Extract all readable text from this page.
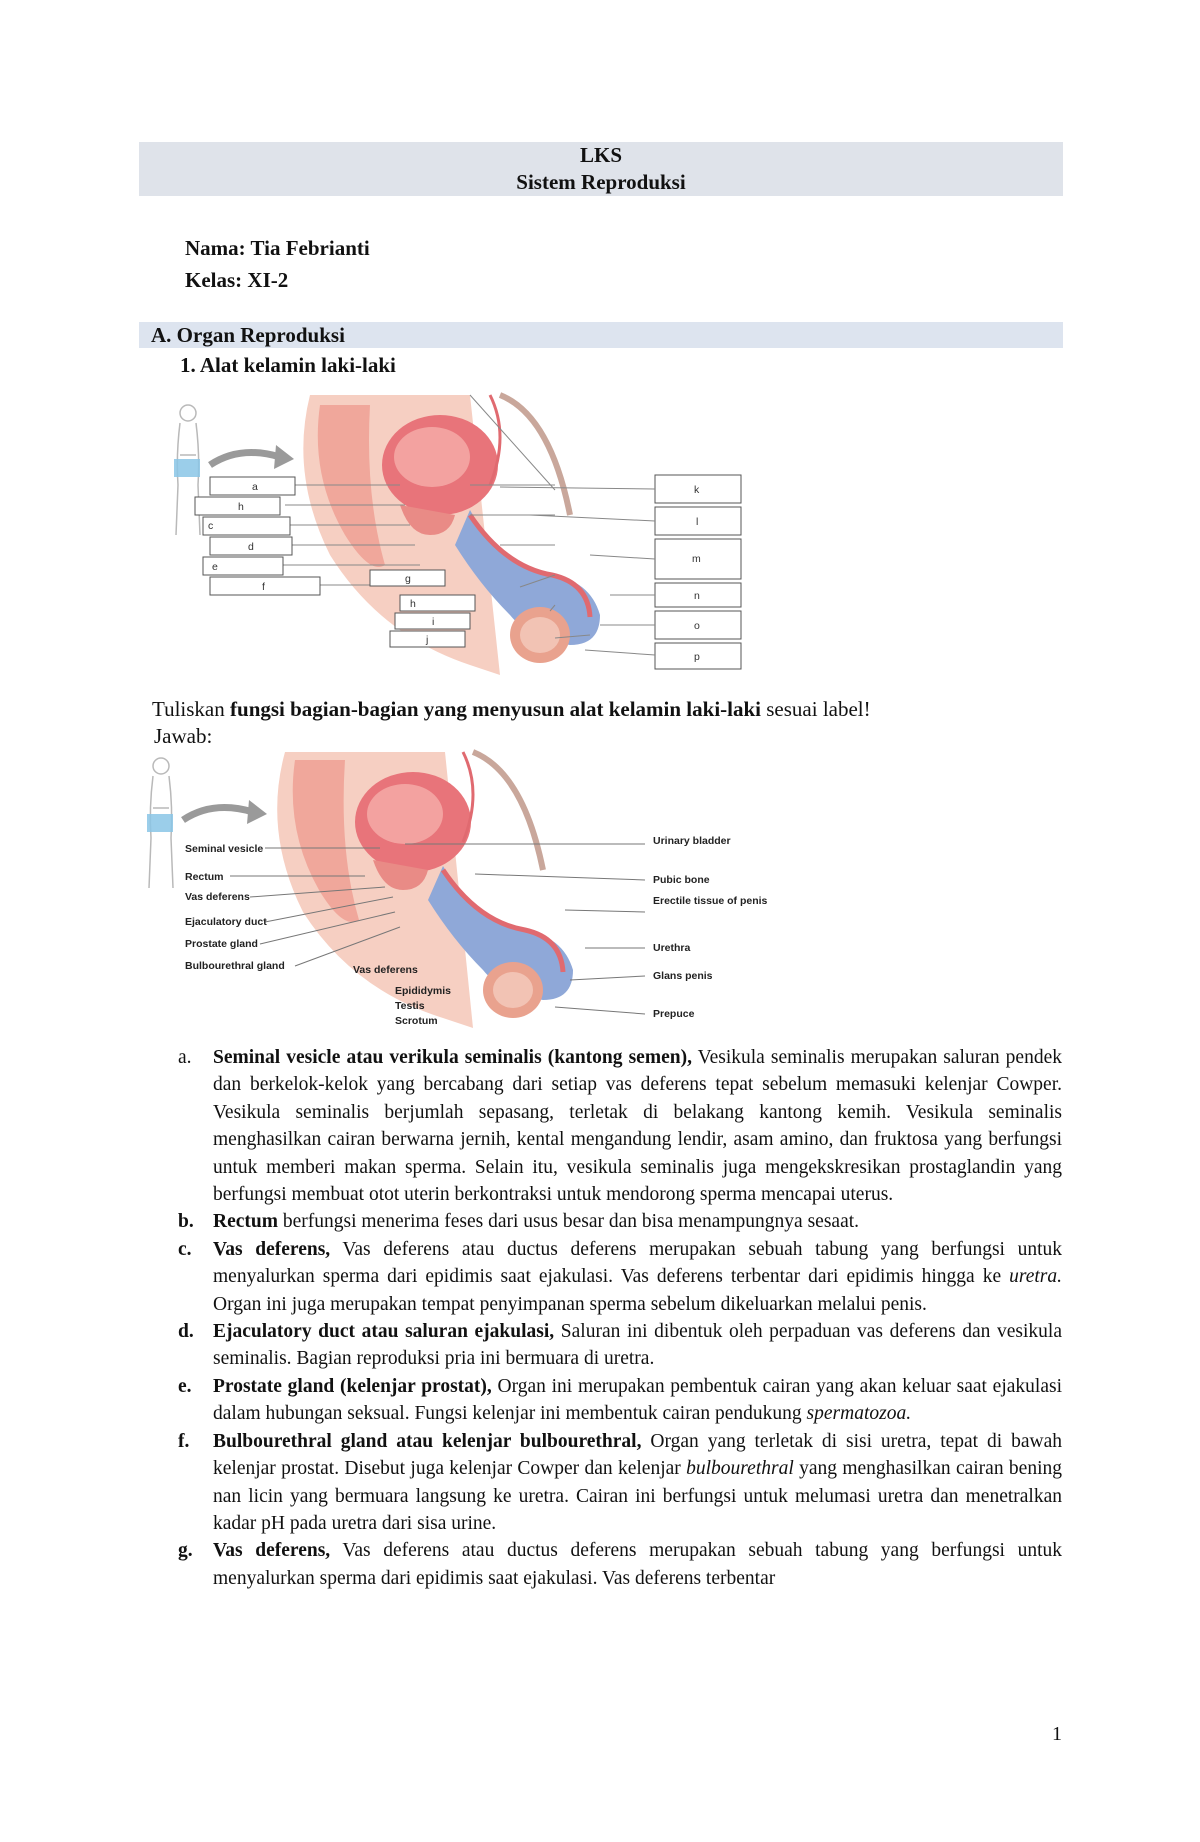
LKS
Sistem Reproduksi
Nama: Tia Febrianti
Kelas: XI-2
A. Organ Reproduksi
1. Alat kelamin laki-laki
a
h
c
d
e
f
g
h
i
j
k
l
m
n
o
p
Tuliskan fungsi bagian-bagian yang menyusun alat kelamin laki-laki sesuai label!
Jawab:
Seminal vesicle
Rectum
Vas deferens
Ejaculatory duct
Prostate gland
Bulbourethral gland	Vas deferens
Epididymis
Testis
Scrotum
Urinary bladder
Pubic bone
Erectile tissue of penis
Urethra
Glans penis
Prepuce
a. Seminal vesicle atau verikula seminalis (kantong semen), Vesikula seminalis merupakan saluran pendek dan berkelok-kelok yang bercabang dari setiap vas deferens tepat sebelum memasuki kelenjar Cowper. Vesikula seminalis berjumlah sepasang, terletak di belakang kantong kemih. Vesikula seminalis menghasilkan cairan berwarna jernih, kental mengandung lendir, asam amino, dan fruktosa yang berfungsi untuk memberi makan sperma. Selain itu, vesikula seminalis juga mengekskresikan prostaglandin yang berfungsi membuat otot uterin berkontraksi untuk mendorong sperma mencapai uterus.
b. Rectum berfungsi menerima feses dari usus besar dan bisa menampungnya sesaat.
c. Vas deferens, Vas deferens atau ductus deferens merupakan sebuah tabung yang berfungsi untuk menyalurkan sperma dari epidimis saat ejakulasi. Vas deferens terbentar dari epidimis hingga ke uretra. Organ ini juga merupakan tempat penyimpanan sperma sebelum dikeluarkan melalui penis.
d. Ejaculatory duct atau saluran ejakulasi, Saluran ini dibentuk oleh perpaduan vas deferens dan vesikula seminalis. Bagian reproduksi pria ini bermuara di uretra.
e. Prostate gland (kelenjar prostat), Organ ini merupakan pembentuk cairan yang akan keluar saat ejakulasi dalam hubungan seksual. Fungsi kelenjar ini membentuk cairan pendukung spermatozoa.
f. Bulbourethral gland atau kelenjar bulbourethral, Organ yang terletak di sisi uretra, tepat di bawah kelenjar prostat. Disebut juga kelenjar Cowper dan kelenjar bulbourethral yang menghasilkan cairan bening nan licin yang bermuara langsung ke uretra. Cairan ini berfungsi untuk melumasi uretra dan menetralkan kadar pH pada uretra dari sisa urine.
g. Vas deferens, Vas deferens atau ductus deferens merupakan sebuah tabung yang berfungsi untuk menyalurkan sperma dari epidimis saat ejakulasi. Vas deferens terbentar
1
